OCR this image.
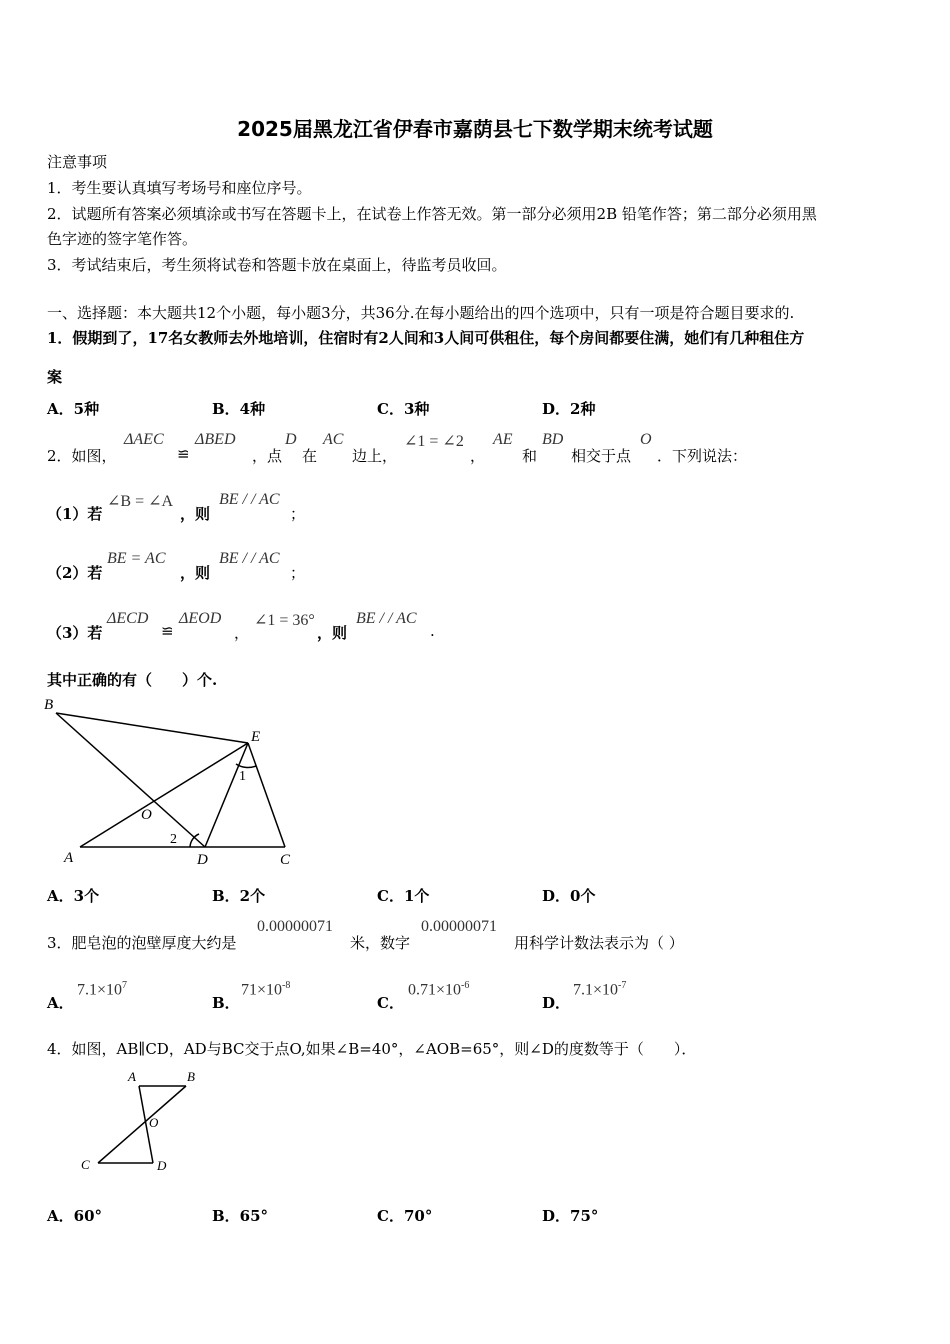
2025届黑龙江省伊春市嘉荫县七下数学期末统考试题
注意事项
1．考生要认真填写考场号和座位序号。
2．试题所有答案必须填涂或书写在答题卡上，在试卷上作答无效。第一部分必须用2B 铅笔作答；第二部分必须用黑
色字迹的签字笔作答。
3．考试结束后，考生须将试卷和答题卡放在桌面上，待监考员收回。
一、选择题：本大题共12个小题，每小题3分，共36分.在每小题给出的四个选项中，只有一项是符合题目要求的.
1．假期到了，17名女教师去外地培训，住宿时有2人间和3人间可供租住，每个房间都要住满，她们有几种租住方
案
A．5种	B．4种	C．3种	D．2种
2．如图，
ΔAEC
≌
ΔBED
，点
D
在
AC
边上，
∠1 = ∠2
，
AE
和
BD
相交于点
O
．下列说法：
（1）若
∠B = ∠A
，则
BE / / AC
；
（2）若
BE = AC
，则
BE / / AC
；
（3）若
ΔECD
≌
ΔEOD
，
∠1 = 36°
，则
BE / / AC
.
其中正确的有（　　）个.
B
E
O
A	D	C
1
2
A．3个	B．2个	C．1个	D．0个
3．肥皂泡的泡壁厚度大约是
0.00000071
米，数字
0.00000071
用科学计数法表示为（ ）
A．
$7.1\times 10^7$
B．
$71\times 10^{-8}$
C．
$0.71\times 10^{-6}$
D．
$7.1\times 10^{-7}$
4．如图，AB∥CD，AD与BC交于点O,如果∠B=40°，∠AOB=65°，则∠D的度数等于（　　）．
A	B
O
C	D
A．60°	B．65°	C．70°	D．75°
